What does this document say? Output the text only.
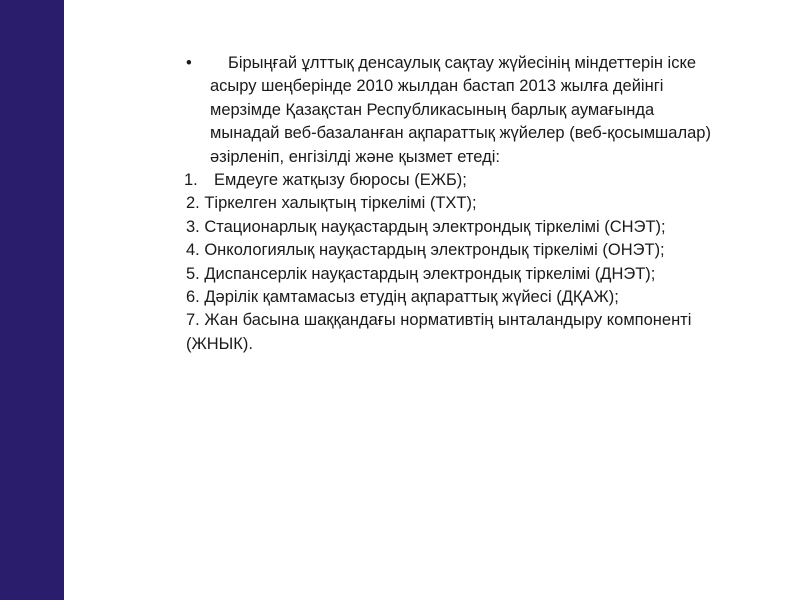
•	Бірыңғай ұлттық денсаулық сақтау жүйесінің міндеттерін іске асыру шеңберінде 2010 жылдан бастап 2013 жылға дейінгі мерзімде Қазақстан Республикасының барлық аумағында мынадай веб-базаланған ақпараттық жүйелер (веб-қосымшалар) әзірленіп, енгізілді және қызмет етеді:
1. Емдеуге жатқызу бюросы (ЕЖБ);
2. Тіркелген халықтың тіркелімі (ТХТ);
3. Стационарлық науқастардың электрондық тіркелімі (СНЭТ);
4. Онкологиялық науқастардың электрондық тіркелімі (ОНЭТ);
5. Диспансерлік науқастардың электрондық тіркелімі (ДНЭТ);
6. Дәрілік қамтамасыз етудің ақпараттық жүйесі (ДҚАЖ);
7. Жан басына шаққандағы нормативтің ынталандыру компоненті (ЖНЫК).
